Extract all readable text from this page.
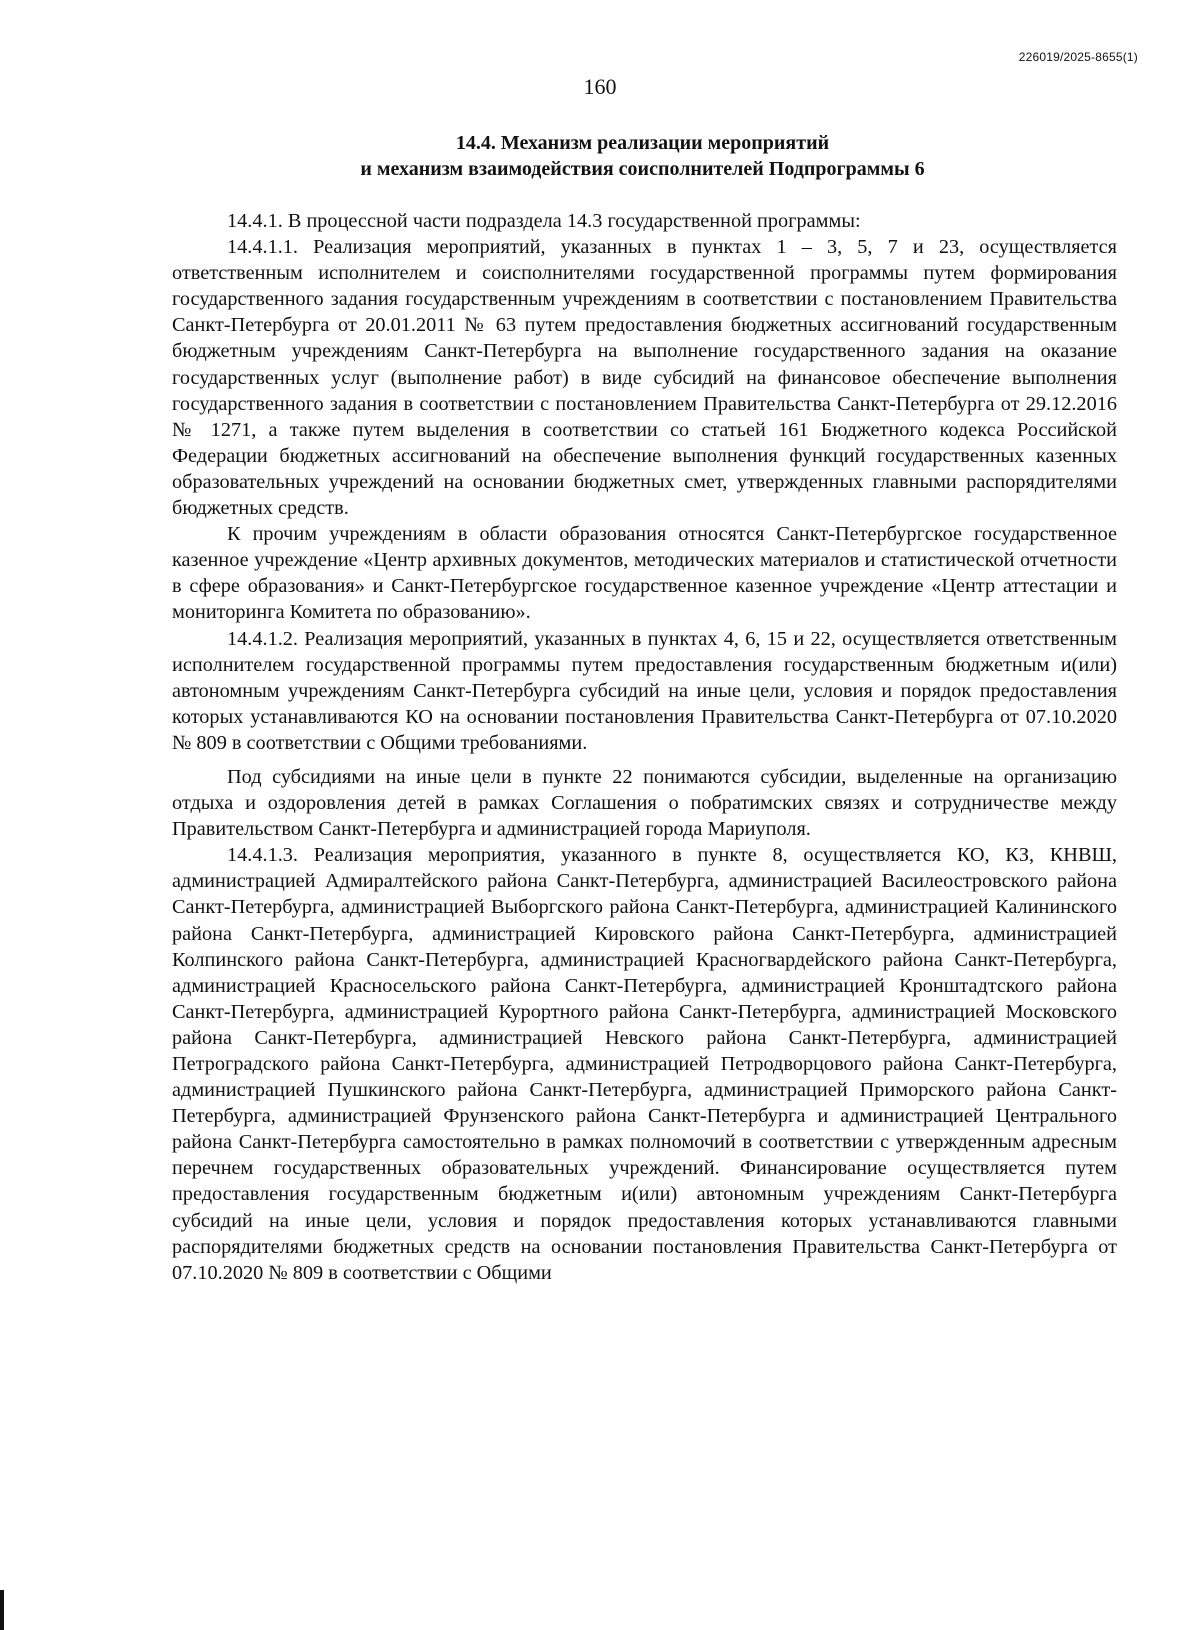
226019/2025-8655(1)
160
14.4. Механизм реализации мероприятий
и механизм взаимодействия соисполнителей Подпрограммы 6

14.4.1. В процессной части подраздела 14.3 государственной программы:

14.4.1.1. Реализация мероприятий, указанных в пунктах 1 – 3, 5, 7 и 23, осуществляется ответственным исполнителем и соисполнителями государственной программы путем формирования государственного задания государственным учреждениям в соответствии с постановлением Правительства Санкт-Петербурга от 20.01.2011 № 63 путем предоставления бюджетных ассигнований государственным бюджетным учреждениям Санкт-Петербурга на выполнение государственного задания на оказание государственных услуг (выполнение работ) в виде субсидий на финансовое обеспечение выполнения государственного задания в соответствии с постановлением Правительства Санкт-Петербурга от 29.12.2016 № 1271, а также путем выделения в соответствии со статьей 161 Бюджетного кодекса Российской Федерации бюджетных ассигнований на обеспечение выполнения функций государственных казенных образовательных учреждений на основании бюджетных смет, утвержденных главными распорядителями бюджетных средств.

К прочим учреждениям в области образования относятся Санкт-Петербургское государственное казенное учреждение «Центр архивных документов, методических материалов и статистической отчетности в сфере образования» и Санкт-Петербургское государственное казенное учреждение «Центр аттестации и мониторинга Комитета по образованию».

14.4.1.2. Реализация мероприятий, указанных в пунктах 4, 6, 15 и 22, осуществляется ответственным исполнителем государственной программы путем предоставления государственным бюджетным и(или) автономным учреждениям Санкт-Петербурга субсидий на иные цели, условия и порядок предоставления которых устанавливаются КО на основании постановления Правительства Санкт-Петербурга от 07.10.2020 № 809 в соответствии с Общими требованиями.

Под субсидиями на иные цели в пункте 22 понимаются субсидии, выделенные на организацию отдыха и оздоровления детей в рамках Соглашения о побратимских связях и сотрудничестве между Правительством Санкт-Петербурга и администрацией города Мариуполя.

14.4.1.3. Реализация мероприятия, указанного в пункте 8, осуществляется КО, КЗ, КНВШ, администрацией Адмиралтейского района Санкт-Петербурга, администрацией Василеостровского района Санкт-Петербурга, администрацией Выборгского района Санкт-Петербурга, администрацией Калининского района Санкт-Петербурга, администрацией Кировского района Санкт-Петербурга, администрацией Колпинского района Санкт-Петербурга, администрацией Красногвардейского района Санкт-Петербурга, администрацией Красносельского района Санкт-Петербурга, администрацией Кронштадтского района Санкт-Петербурга, администрацией Курортного района Санкт-Петербурга, администрацией Московского района Санкт-Петербурга, администрацией Невского района Санкт-Петербурга, администрацией Петроградского района Санкт-Петербурга, администрацией Петродворцового района Санкт-Петербурга, администрацией Пушкинского района Санкт-Петербурга, администрацией Приморского района Санкт-Петербурга, администрацией Фрунзенского района Санкт-Петербурга и администрацией Центрального района Санкт-Петербурга самостоятельно в рамках полномочий в соответствии с утвержденным адресным перечнем государственных образовательных учреждений. Финансирование осуществляется путем предоставления государственным бюджетным и(или) автономным учреждениям Санкт-Петербурга субсидий на иные цели, условия и порядок предоставления которых устанавливаются главными распорядителями бюджетных средств на основании постановления Правительства Санкт-Петербурга от 07.10.2020 № 809 в соответствии с Общими
